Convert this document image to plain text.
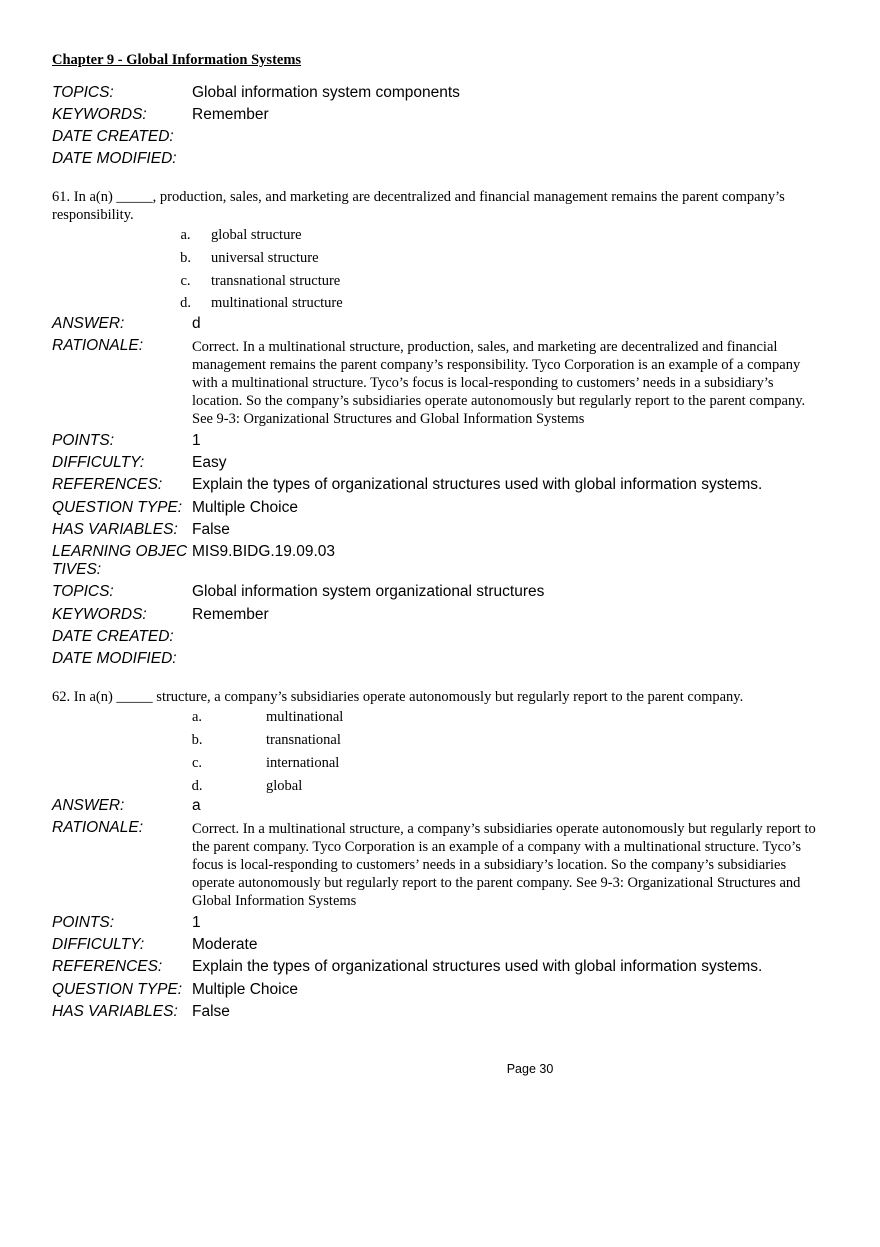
Chapter 9 - Global Information Systems
TOPICS:	Global information system components
KEYWORDS:	Remember
DATE CREATED:
DATE MODIFIED:
61. In a(n) _____, production, sales, and marketing are decentralized and financial management remains the parent company’s responsibility.
a.	global structure
b.	universal structure
c.	transnational structure
d.	multinational structure
ANSWER:	d
RATIONALE:	Correct. In a multinational structure, production, sales, and marketing are decentralized and financial management remains the parent company’s responsibility. Tyco Corporation is an example of a company with a multinational structure. Tyco’s focus is local-responding to customers’ needs in a subsidiary’s location. So the company’s subsidiaries operate autonomously but regularly report to the parent company. See 9-3: Organizational Structures and Global Information Systems
POINTS:	1
DIFFICULTY:	Easy
REFERENCES:	Explain the types of organizational structures used with global information systems.
QUESTION TYPE: Multiple Choice
HAS VARIABLES: False
LEARNING OBJECTIVES:
MIS9.BIDG.19.09.03
TOPICS:	Global information system organizational structures
KEYWORDS:	Remember
DATE CREATED:
DATE MODIFIED:
62. In a(n) _____ structure, a company’s subsidiaries operate autonomously but regularly report to the parent company.
a.	multinational
b.	transnational
c.	international
d.	global
ANSWER:	a
RATIONALE:	Correct. In a multinational structure, a company’s subsidiaries operate autonomously but regularly report to the parent company. Tyco Corporation is an example of a company with a multinational structure. Tyco’s focus is local-responding to customers’ needs in a subsidiary’s location. So the company’s subsidiaries operate autonomously but regularly report to the parent company. See 9-3: Organizational Structures and Global Information Systems
POINTS:	1
DIFFICULTY:	Moderate
REFERENCES:	Explain the types of organizational structures used with global information systems.
QUESTION TYPE: Multiple Choice
HAS VARIABLES: False
Page 30
